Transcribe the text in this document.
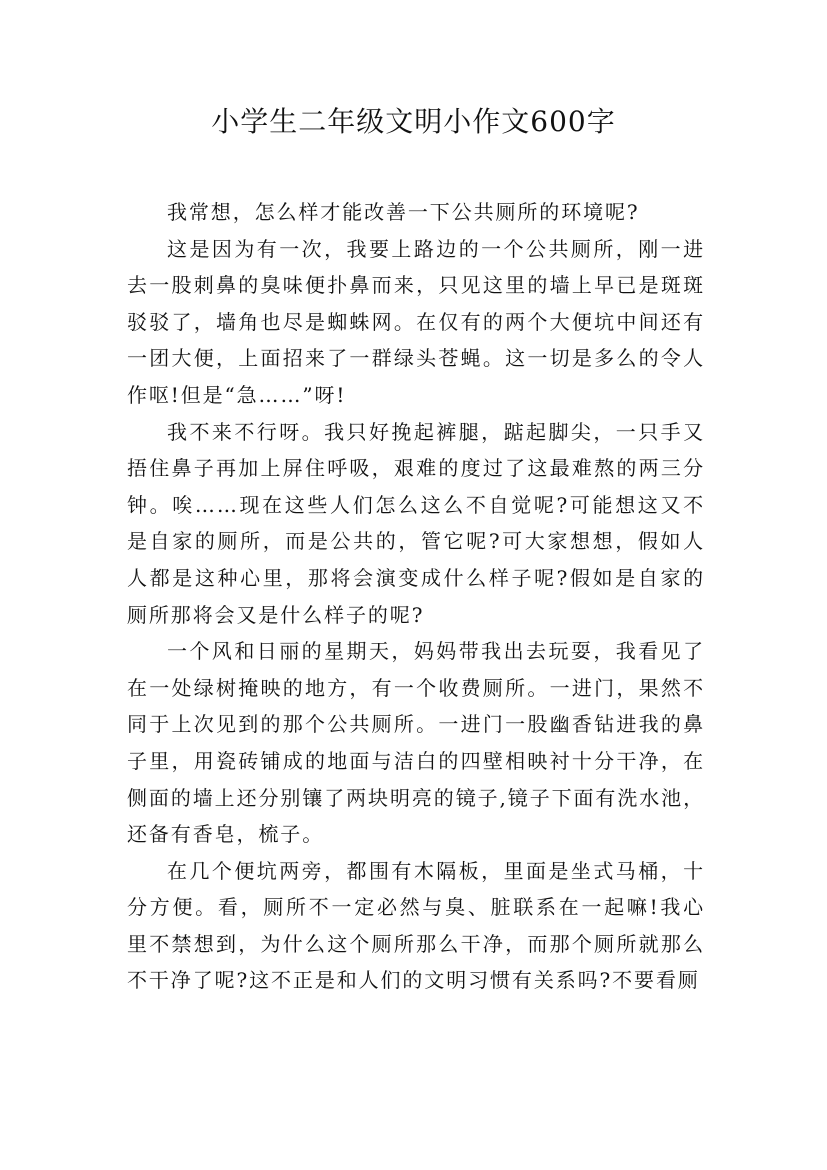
小学生二年级文明小作文600字

我常想，怎么样才能改善一下公共厕所的环境呢?

这是因为有一次，我要上路边的一个公共厕所，刚一进去一股刺鼻的臭味便扑鼻而来，只见这里的墙上早已是斑斑驳驳了，墙角也尽是蜘蛛网。在仅有的两个大便坑中间还有一团大便，上面招来了一群绿头苍蝇。这一切是多么的令人作呕!但是“急……”呀!

我不来不行呀。我只好挽起裤腿，踮起脚尖，一只手又捂住鼻子再加上屏住呼吸，艰难的度过了这最难熬的两三分钟。唉……现在这些人们怎么这么不自觉呢?可能想这又不是自家的厕所，而是公共的，管它呢?可大家想想，假如人人都是这种心里，那将会演变成什么样子呢?假如是自家的厕所那将会又是什么样子的呢?

一个风和日丽的星期天，妈妈带我出去玩耍，我看见了在一处绿树掩映的地方，有一个收费厕所。一进门，果然不同于上次见到的那个公共厕所。一进门一股幽香钻进我的鼻子里，用瓷砖铺成的地面与洁白的四壁相映衬十分干净，在侧面的墙上还分别镶了两块明亮的镜子,镜子下面有洗水池，还备有香皂，梳子。

在几个便坑两旁，都围有木隔板，里面是坐式马桶，十分方便。看，厕所不一定必然与臭、脏联系在一起嘛!我心里不禁想到，为什么这个厕所那么干净，而那个厕所就那么不干净了呢?这不正是和人们的文明习惯有关系吗?不要看厕
